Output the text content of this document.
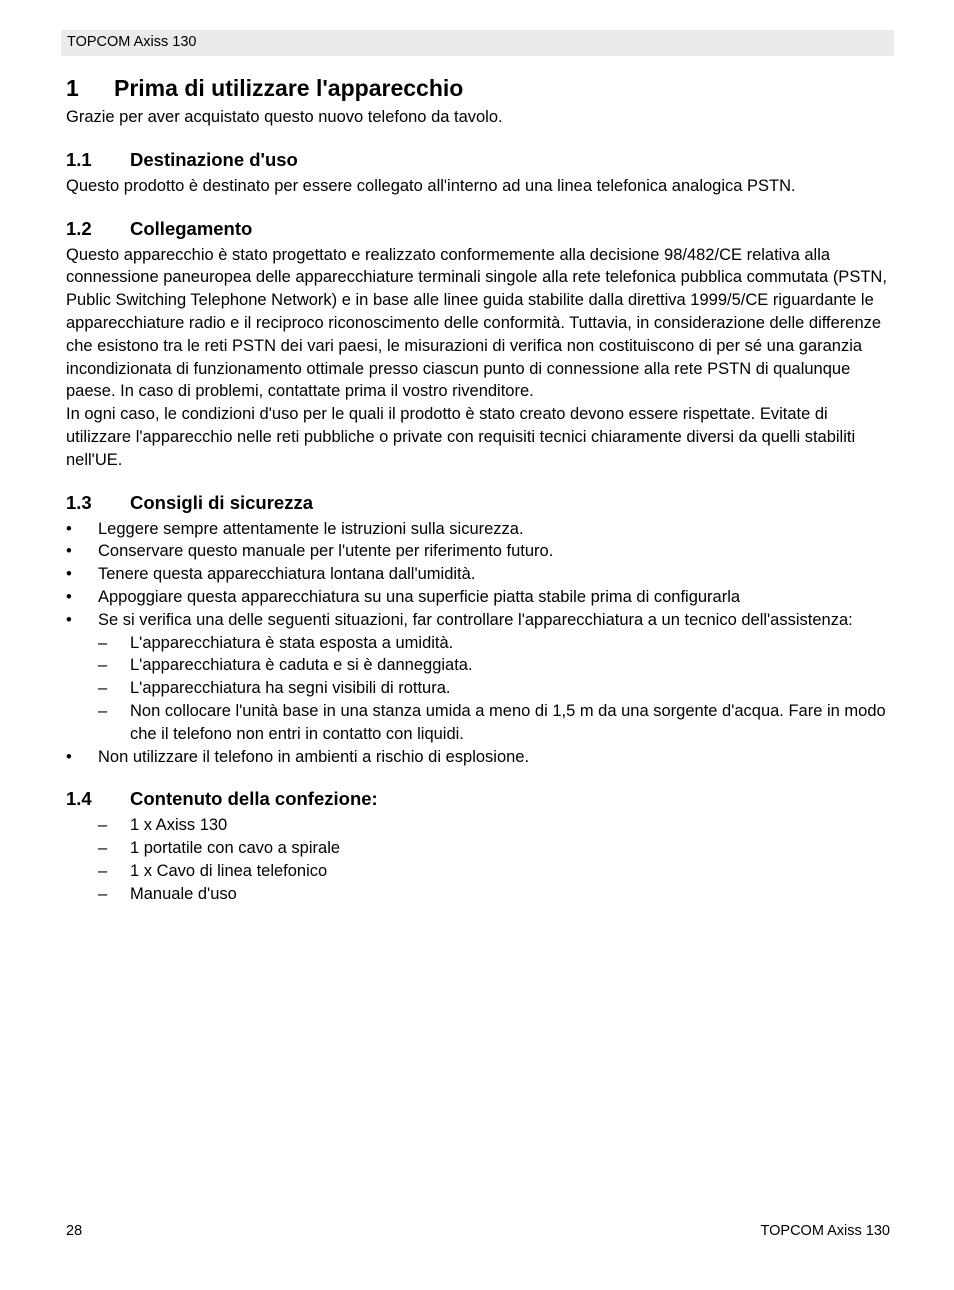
TOPCOM Axiss 130
1	Prima di utilizzare l'apparecchio

Grazie per aver acquistato questo nuovo telefono da tavolo.

1.1	Destinazione d'uso

Questo prodotto è destinato per essere collegato all'interno ad una linea telefonica analogica PSTN.

1.2	Collegamento

Questo apparecchio è stato progettato e realizzato conformemente alla decisione 98/482/CE relativa alla connessione paneuropea delle apparecchiature terminali singole alla rete telefonica pubblica commutata (PSTN, Public Switching Telephone Network) e in base alle linee guida stabilite dalla direttiva 1999/5/CE riguardante le apparecchiature radio e il reciproco riconoscimento delle conformità. Tuttavia, in considerazione delle differenze che esistono tra le reti PSTN dei vari paesi, le misurazioni di verifica non costituiscono di per sé una garanzia incondizionata di funzionamento ottimale presso ciascun punto di connessione alla rete PSTN di qualunque paese. In caso di problemi, contattate prima il vostro rivenditore.

In ogni caso, le condizioni d'uso per le quali il prodotto è stato creato devono essere rispettate. Evitate di utilizzare l'apparecchio nelle reti pubbliche o private con requisiti tecnici chiaramente diversi da quelli stabiliti nell'UE.

1.3	Consigli di sicurezza
• Leggere sempre attentamente le istruzioni sulla sicurezza.
• Conservare questo manuale per l'utente per riferimento futuro.
• Tenere questa apparecchiatura lontana dall'umidità.
• Appoggiare questa apparecchiatura su una superficie piatta stabile prima di configurarla
• Se si verifica una delle seguenti situazioni, far controllare l'apparecchiatura a un tecnico dell'assistenza:
– L'apparecchiatura è stata esposta a umidità.
– L'apparecchiatura è caduta e si è danneggiata.
– L'apparecchiatura ha segni visibili di rottura.
– Non collocare l'unità base in una stanza umida a meno di 1,5 m da una sorgente d'acqua. Fare in modo che il telefono non entri in contatto con liquidi.
• Non utilizzare il telefono in ambienti a rischio di esplosione.
1.4	Contenuto della confezione:
– 1 x Axiss 130
– 1 portatile con cavo a spirale
– 1 x Cavo di linea telefonico
– Manuale d'uso
28	TOPCOM Axiss 130
